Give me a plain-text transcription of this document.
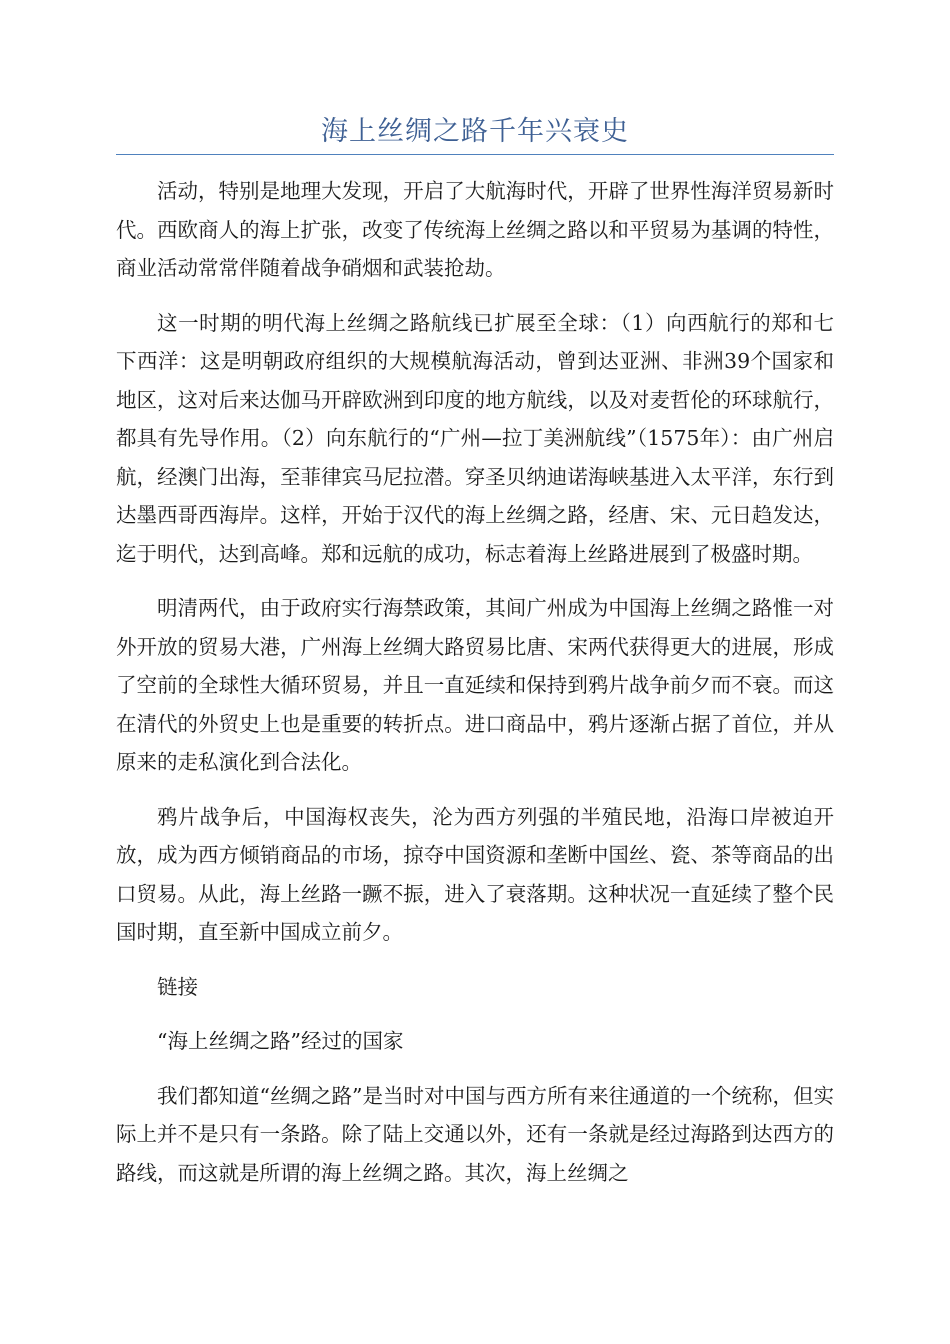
海上丝绸之路千年兴衰史

活动，特别是地理大发现，开启了大航海时代，开辟了世界性海洋贸易新时代。西欧商人的海上扩张，改变了传统海上丝绸之路以和平贸易为基调的特性，商业活动常常伴随着战争硝烟和武装抢劫。

这一时期的明代海上丝绸之路航线已扩展至全球：（1）向西航行的郑和七下西洋：这是明朝政府组织的大规模航海活动，曾到达亚洲、非洲39个国家和地区，这对后来达伽马开辟欧洲到印度的地方航线，以及对麦哲伦的环球航行，都具有先导作用。（2）向东航行的“广州—拉丁美洲航线”（1575年）：由广州启航，经澳门出海，至菲律宾马尼拉潜。穿圣贝纳迪诺海峡基进入太平洋，东行到达墨西哥西海岸。这样，开始于汉代的海上丝绸之路，经唐、宋、元日趋发达，迄于明代，达到高峰。郑和远航的成功，标志着海上丝路进展到了极盛时期。

明清两代，由于政府实行海禁政策，其间广州成为中国海上丝绸之路惟一对外开放的贸易大港，广州海上丝绸大路贸易比唐、宋两代获得更大的进展，形成了空前的全球性大循环贸易，并且一直延续和保持到鸦片战争前夕而不衰。而这在清代的外贸史上也是重要的转折点。进口商品中，鸦片逐渐占据了首位，并从原来的走私演化到合法化。

鸦片战争后，中国海权丧失，沦为西方列强的半殖民地，沿海口岸被迫开放，成为西方倾销商品的市场，掠夺中国资源和垄断中国丝、瓷、茶等商品的出口贸易。从此，海上丝路一蹶不振，进入了衰落期。这种状况一直延续了整个民国时期，直至新中国成立前夕。

链接

“海上丝绸之路”经过的国家

我们都知道“丝绸之路”是当时对中国与西方所有来往通道的一个统称，但实际上并不是只有一条路。除了陆上交通以外，还有一条就是经过海路到达西方的路线，而这就是所谓的海上丝绸之路。其次，海上丝绸之
